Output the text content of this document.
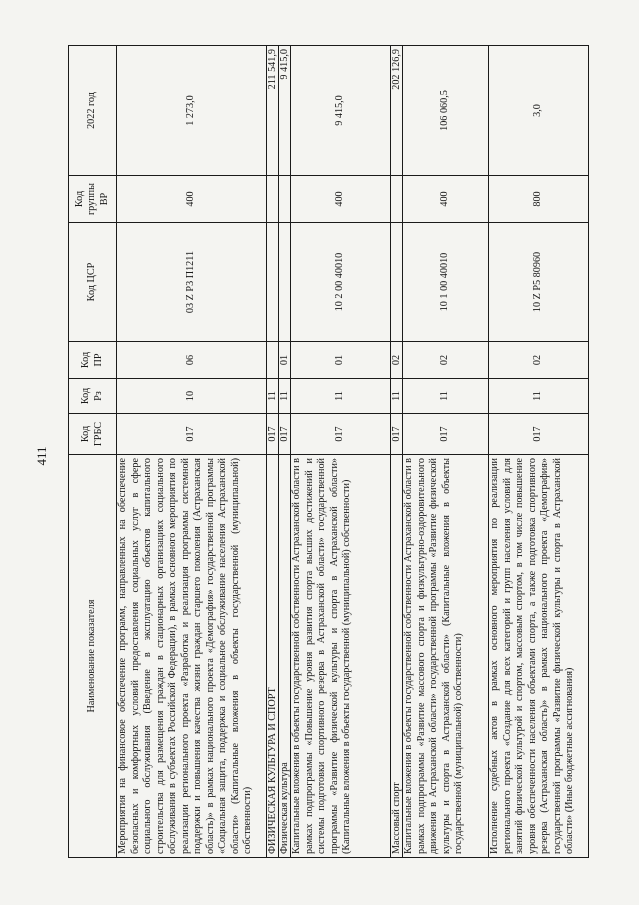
411
Наименование показателя	Код ГРБС	Код Рз	Код ПР	Код ЦСР	Код группы ВР	2022 год
Мероприятия на финансовое обеспечение программ, направленных на обеспечение безопасных и комфортных условий предоставления социальных услуг в сфере социального обслуживания (Введение в эксплуатацию объектов капитального строительства для размещения граждан в стационарных организациях социального обслуживания в субъектах Российской Федерации), в рамках основного мероприятия по реализации регионального проекта «Разработка и реализация программы системной поддержки и повышения качества жизни граждан старшего поколения (Астраханская область)» в рамках национального проекта «Демография» государственной программы «Социальная защита, поддержка и социальное обслуживание населения Астраханской области» (Капитальные вложения в объекты государственной (муниципальной) собственности)	017	10	06	03 Z P3 П1211	400	1 273,0
ФИЗИЧЕСКАЯ КУЛЬТУРА И СПОРТ	017	11				211 541,9
Физическая культура	017	11	01			9 415,0
Капитальные вложения в объекты государственной собственности Астраханской области в рамках подпрограммы «Повышение уровня развития спорта высших достижений и системы подготовки спортивного резерва в Астраханской области» государственной программы «Развитие физической культуры и спорта в Астраханской области» (Капитальные вложения в объекты государственной (муниципальной) собственности)	017	11	01	10 2 00 40010	400	9 415,0
Массовый спорт	017	11	02			202 126,9
Капитальные вложения в объекты государственной собственности Астраханской области в рамках подпрограммы «Развитие массового спорта и физкультурно-оздоровительного движения в Астраханской области» государственной программы «Развитие физической культуры и спорта в Астраханской области» (Капитальные вложения в объекты государственной (муниципальной) собственности)	017	11	02	10 1 00 40010	400	106 060,5
Исполнение судебных актов в рамках основного мероприятия по реализации регионального проекта «Создание для всех категорий и групп населения условий для занятий физической культурой и спортом, массовым спортом, в том числе повышение уровня обеспеченности населения объектами спорта, а также подготовка спортивного резерва (Астраханская область)» в рамках национального проекта «Демография» государственной программы «Развитие физической культуры и спорта в Астраханской области» (Иные бюджетные ассигнования)	017	11	02	10 Z P5 80960	800	3,0
